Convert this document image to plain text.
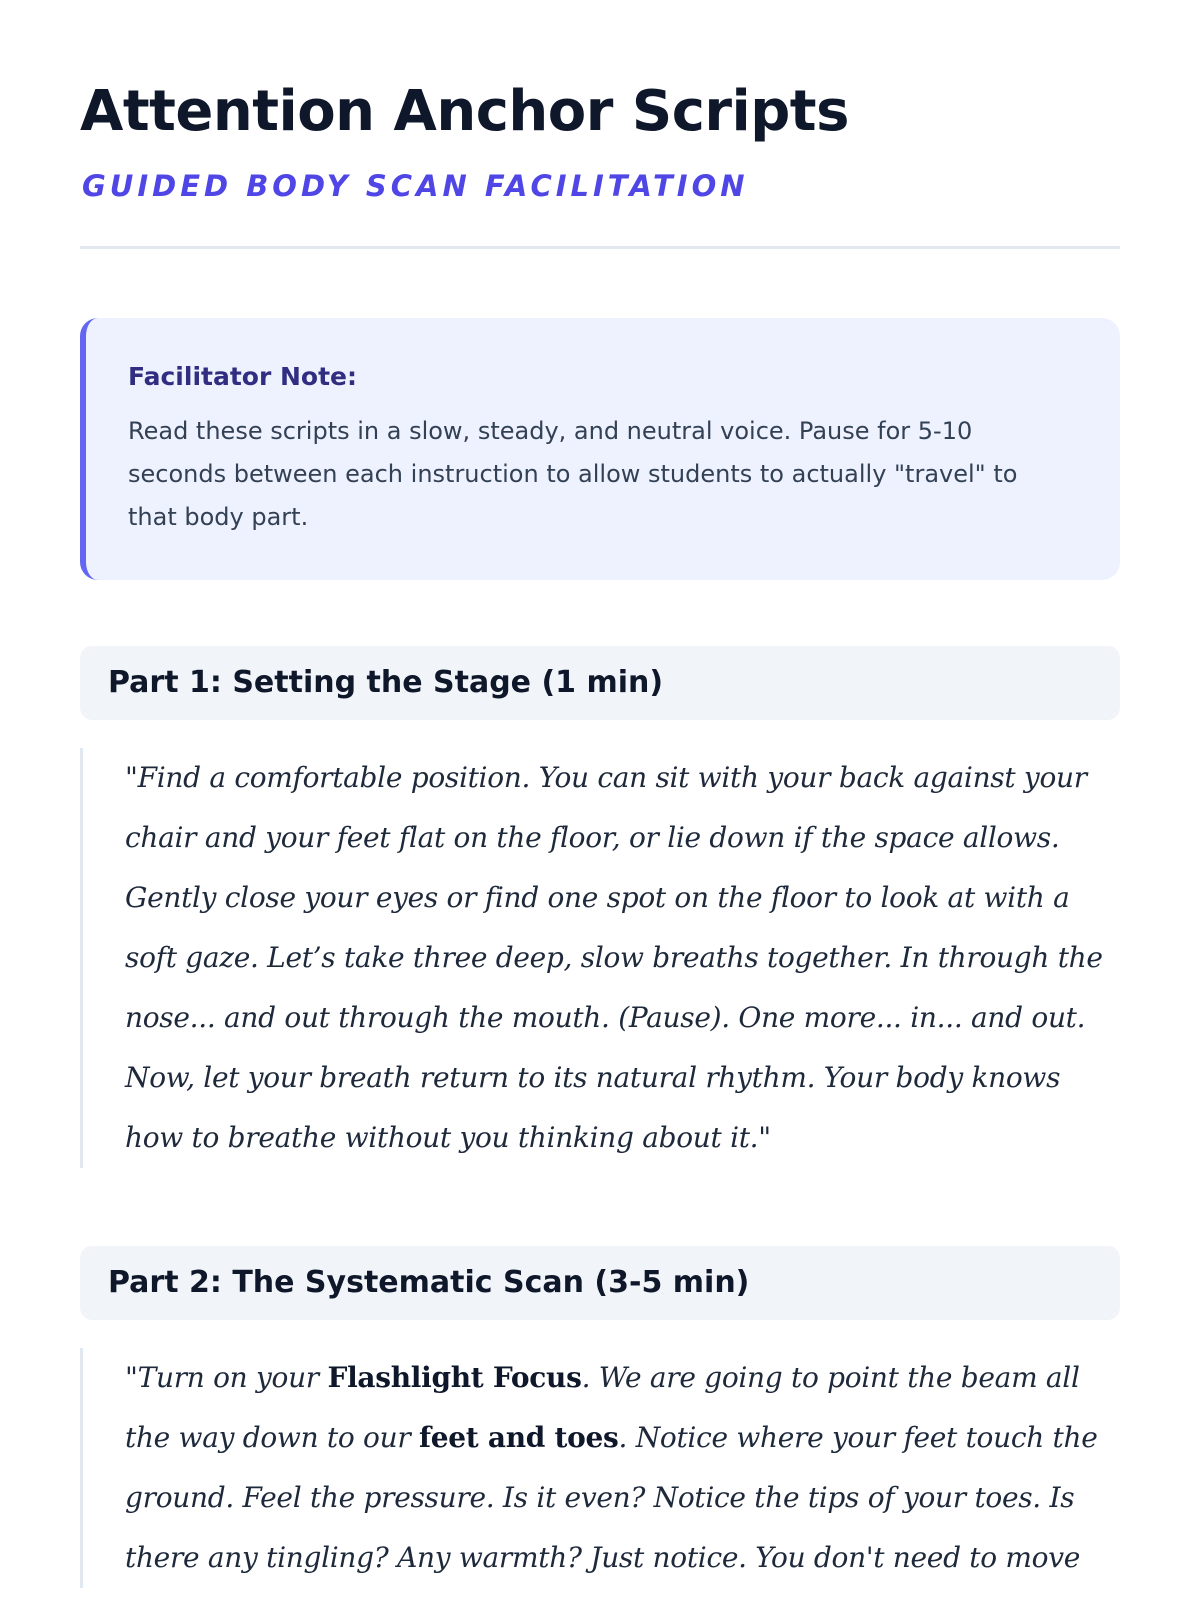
Attention Anchor Scripts
GUIDED BODY SCAN FACILITATION
Facilitator Note:

Read these scripts in a slow, steady, and neutral voice. Pause for 5-10 seconds between each instruction to allow students to actually "travel" to that body part.

Part 1: Setting the Stage (1 min)

"Find a comfortable position. You can sit with your back against your chair and your feet flat on the floor, or lie down if the space allows. Gently close your eyes or find one spot on the floor to look at with a soft gaze. Let’s take three deep, slow breaths together. In through the nose... and out through the mouth. (Pause). One more... in... and out. Now, let your breath return to its natural rhythm. Your body knows how to breathe without you thinking about it."

Part 2: The Systematic Scan (3-5 min)

"Turn on your Flashlight Focus. We are going to point the beam all the way down to our feet and toes. Notice where your feet touch the ground. Feel the pressure. Is it even? Notice the tips of your toes. Is there any tingling? Any warmth? Just notice. You don't need to move
